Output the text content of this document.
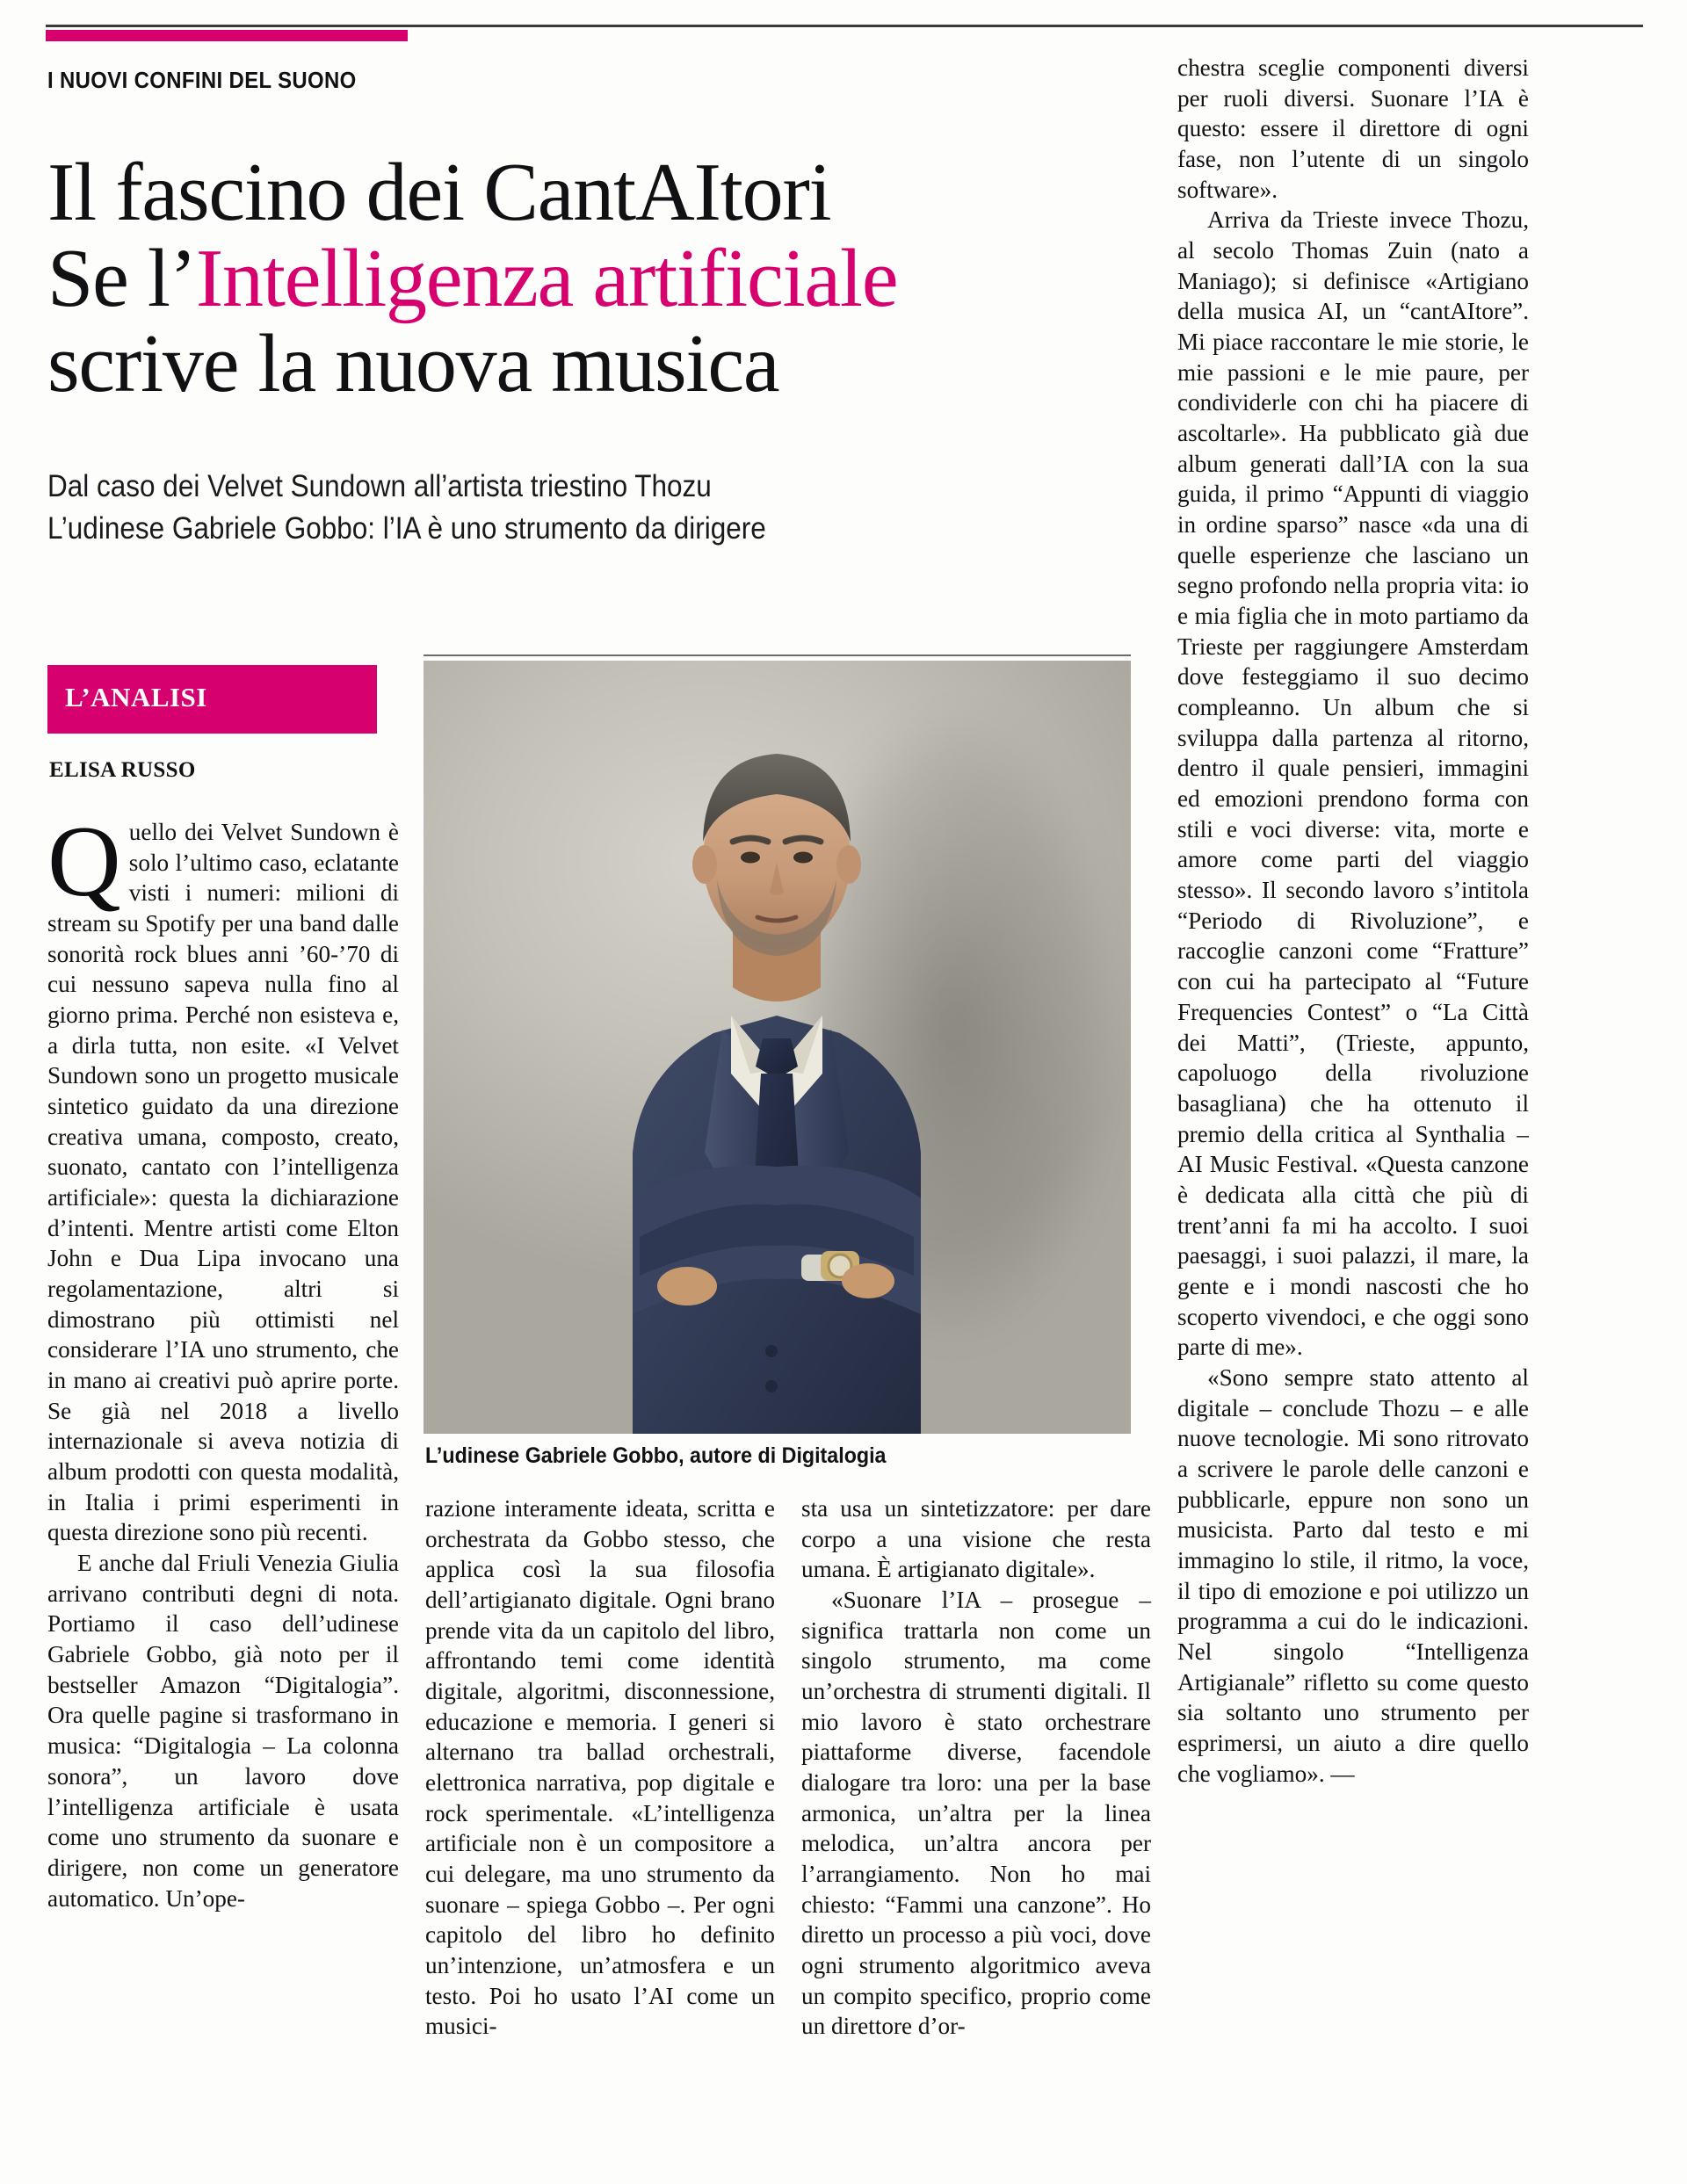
I NUOVI CONFINI DEL SUONO
Il fascino dei CantAItori
Se l’Intelligenza artificiale
scrive la nuova musica
Dal caso dei Velvet Sundown all’artista triestino Thozu
L’udinese Gabriele Gobbo: l’IA è uno strumento da dirigere
L’ANALISI
ELISA RUSSO
L’udinese Gabriele Gobbo, autore di Digitalogia

Quello dei Velvet Sundown è solo l’ultimo caso, eclatante visti i numeri: milioni di stream su Spotify per una band dalle sonorità rock blues anni ’60-’70 di cui nessuno sapeva nulla fino al giorno prima. Perché non esisteva e, a dirla tutta, non esite. «I Velvet Sundown sono un progetto musicale sintetico guidato da una direzione creativa umana, composto, creato, suonato, cantato con l’intelligenza artificiale»: questa la dichiarazione d’intenti. Mentre artisti come Elton John e Dua Lipa invocano una regolamentazione, altri si dimostrano più ottimisti nel considerare l’IA uno strumento, che in mano ai creativi può aprire porte. Se già nel 2018 a livello internazionale si aveva notizia di album prodotti con questa modalità, in Italia i primi esperimenti in questa direzione sono più recenti.

E anche dal Friuli Venezia Giulia arrivano contributi degni di nota. Portiamo il caso dell’udinese Gabriele Gobbo, già noto per il bestseller Amazon “Digitalogia”. Ora quelle pagine si trasformano in musica: “Digitalogia – La colonna sonora”, un lavoro dove l’intelligenza artificiale è usata come uno strumento da suonare e dirigere, non come un generatore automatico. Un’ope-

razione interamente ideata, scritta e orchestrata da Gobbo stesso, che applica così la sua filosofia dell’artigianato digitale. Ogni brano prende vita da un capitolo del libro, affrontando temi come identità digitale, algoritmi, disconnessione, educazione e memoria. I generi si alternano tra ballad orchestrali, elettronica narrativa, pop digitale e rock sperimentale. «L’intelligenza artificiale non è un compositore a cui delegare, ma uno strumento da suonare – spiega Gobbo –. Per ogni capitolo del libro ho definito un’intenzione, un’atmosfera e un testo. Poi ho usato l’AI come un musici-

sta usa un sintetizzatore: per dare corpo a una visione che resta umana. È artigianato digitale».

«Suonare l’IA – prosegue – significa trattarla non come un singolo strumento, ma come un’orchestra di strumenti digitali. Il mio lavoro è stato orchestrare piattaforme diverse, facendole dialogare tra loro: una per la base armonica, un’altra per la linea melodica, un’altra ancora per l’arrangiamento. Non ho mai chiesto: “Fammi una canzone”. Ho diretto un processo a più voci, dove ogni strumento algoritmico aveva un compito specifico, proprio come un direttore d’or-

chestra sceglie componenti diversi per ruoli diversi. Suonare l’IA è questo: essere il direttore di ogni fase, non l’utente di un singolo software».

Arriva da Trieste invece Thozu, al secolo Thomas Zuin (nato a Maniago); si definisce «Artigiano della musica AI, un “cantAItore”. Mi piace raccontare le mie storie, le mie passioni e le mie paure, per condividerle con chi ha piacere di ascoltarle». Ha pubblicato già due album generati dall’IA con la sua guida, il primo “Appunti di viaggio in ordine sparso” nasce «da una di quelle esperienze che lasciano un segno profondo nella propria vita: io e mia figlia che in moto partiamo da Trieste per raggiungere Amsterdam dove festeggiamo il suo decimo compleanno. Un album che si sviluppa dalla partenza al ritorno, dentro il quale pensieri, immagini ed emozioni prendono forma con stili e voci diverse: vita, morte e amore come parti del viaggio stesso». Il secondo lavoro s’intitola “Periodo di Rivoluzione”, e raccoglie canzoni come “Fratture” con cui ha partecipato al “Future Frequencies Contest” o “La Città dei Matti”, (Trieste, appunto, capoluogo della rivoluzione basagliana) che ha ottenuto il premio della critica al Synthalia – AI Music Festival. «Questa canzone è dedicata alla città che più di trent’anni fa mi ha accolto. I suoi paesaggi, i suoi palazzi, il mare, la gente e i mondi nascosti che ho scoperto vivendoci, e che oggi sono parte di me».

«Sono sempre stato attento al digitale – conclude Thozu – e alle nuove tecnologie. Mi sono ritrovato a scrivere le parole delle canzoni e pubblicarle, eppure non sono un musicista. Parto dal testo e mi immagino lo stile, il ritmo, la voce, il tipo di emozione e poi utilizzo un programma a cui do le indicazioni. Nel singolo “Intelligenza Artigianale” rifletto su come questo sia soltanto uno strumento per esprimersi, un aiuto a dire quello che vogliamo». —
